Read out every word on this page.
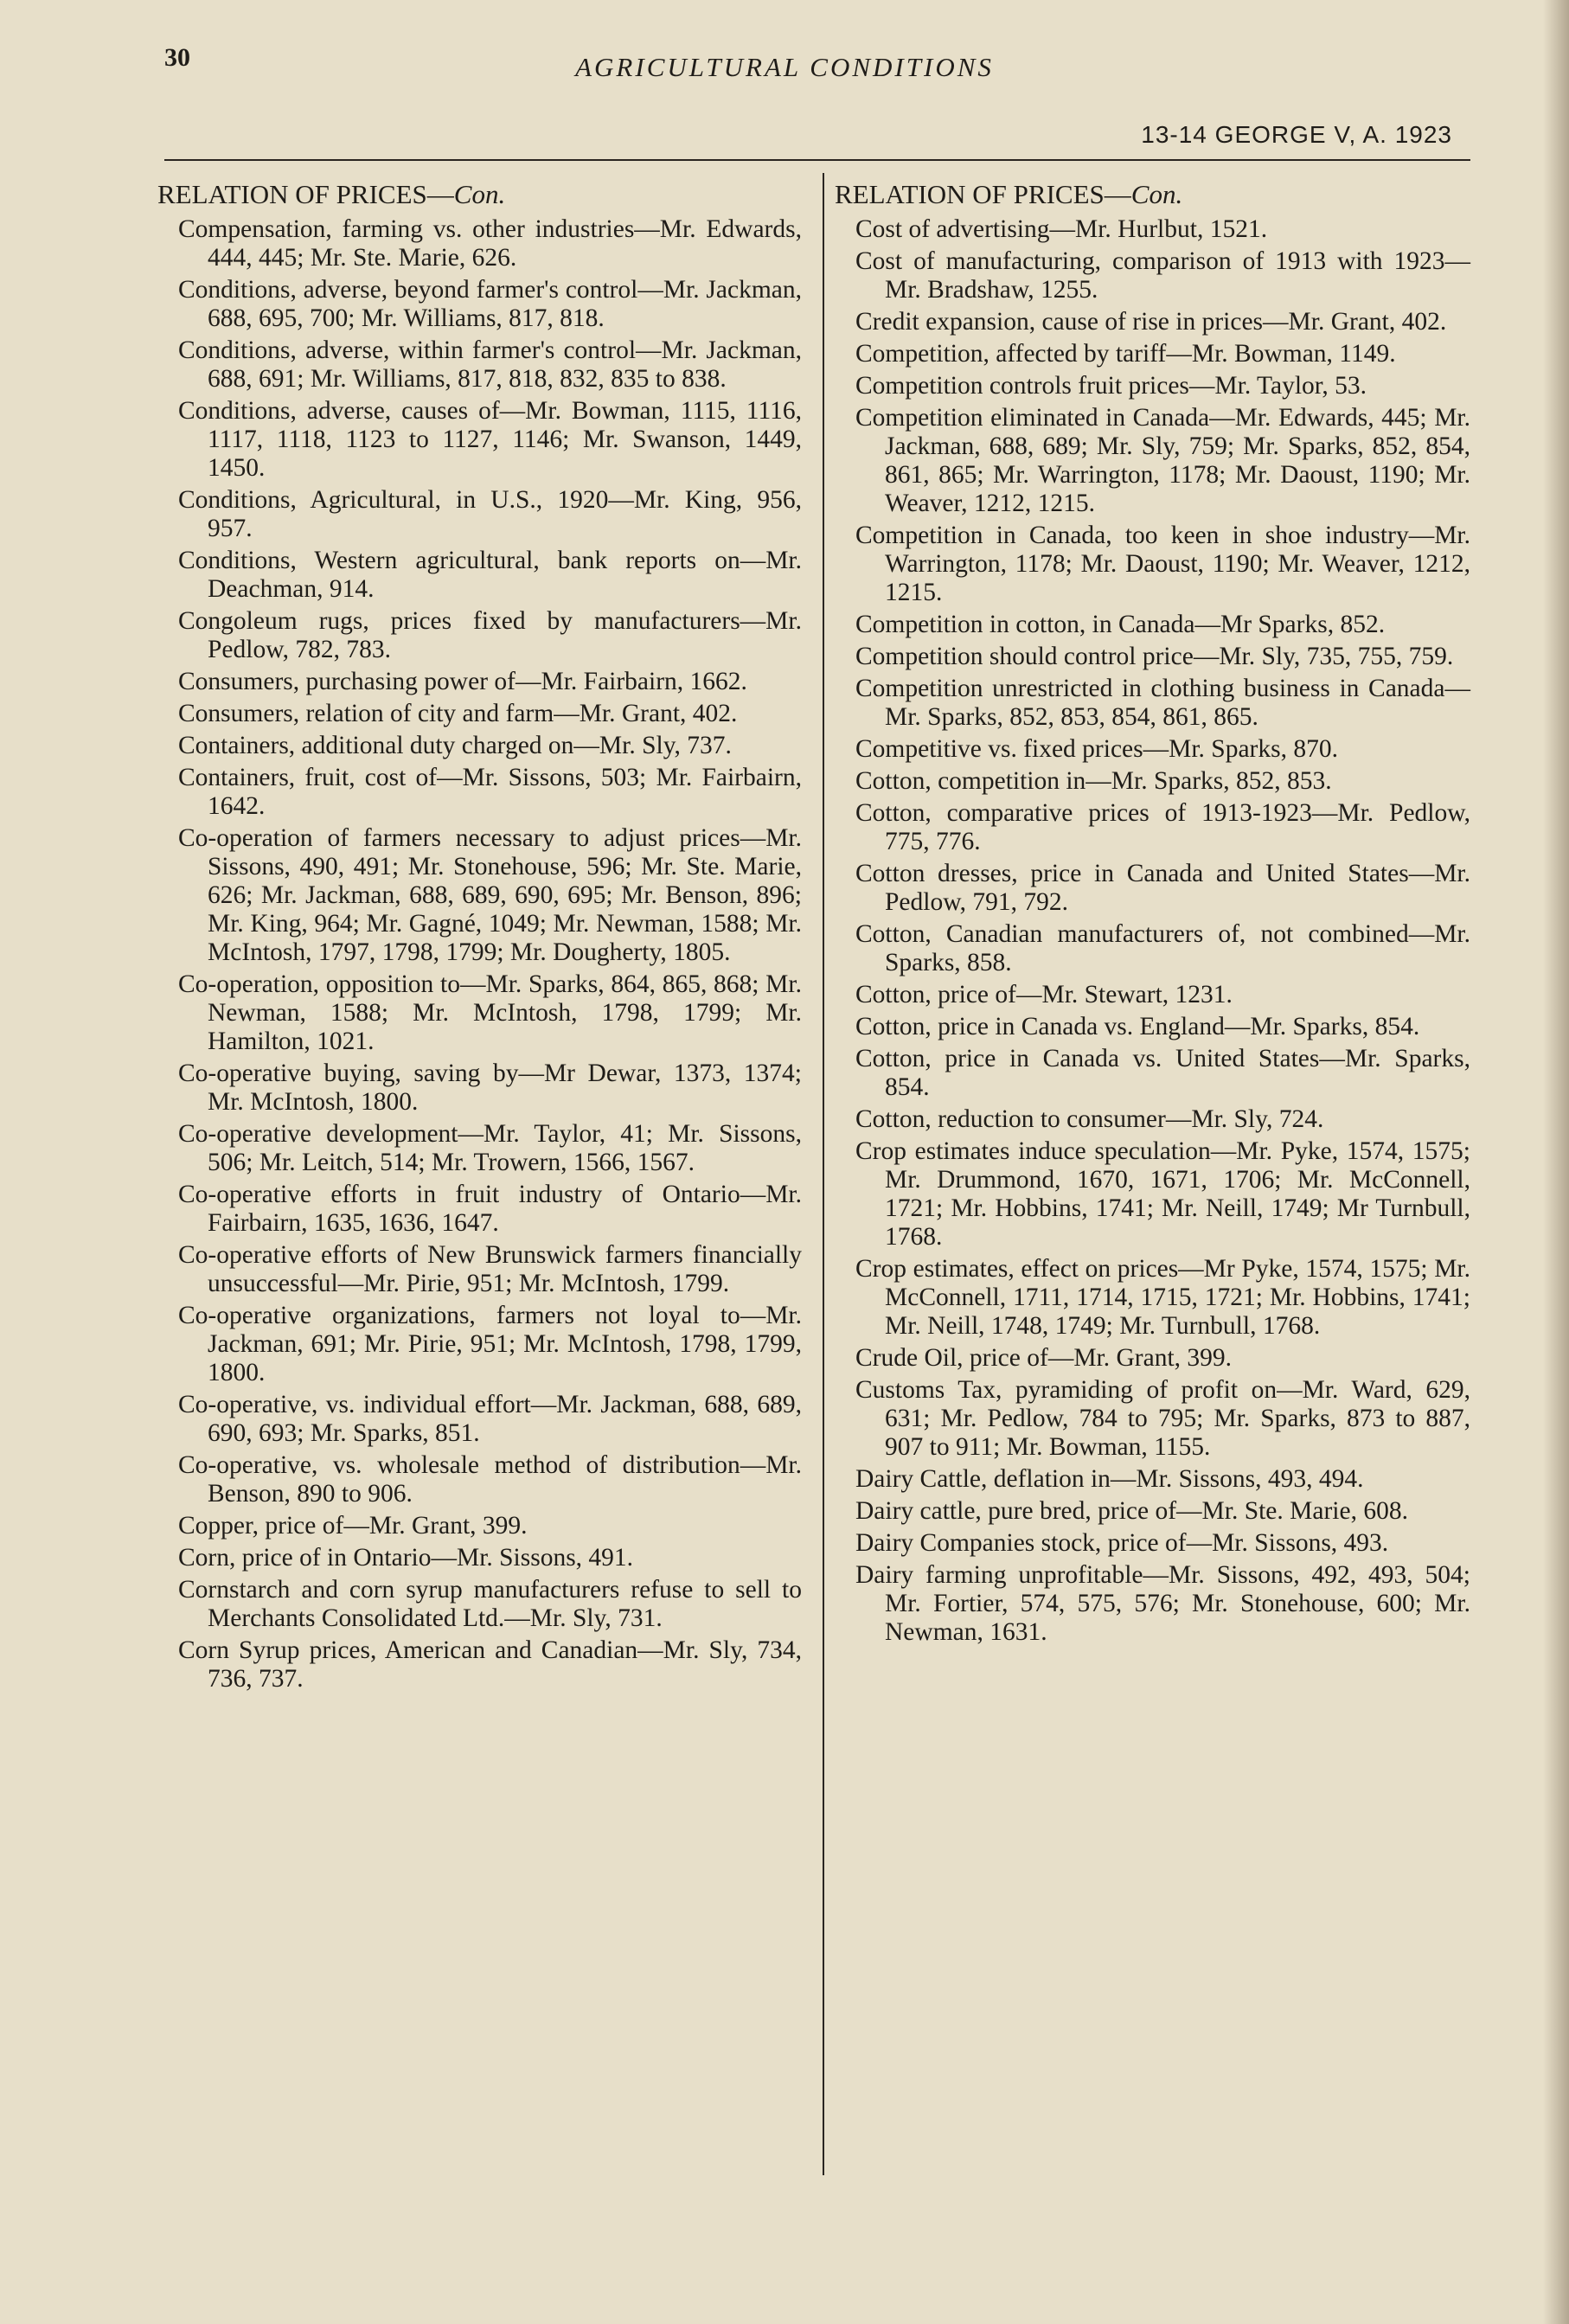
30	AGRICULTURAL CONDITIONS
13-14 GEORGE V, A. 1923
RELATION OF PRICES—Con.

Compensation, farming vs. other industries—Mr. Edwards, 444, 445; Mr. Ste. Marie, 626.

Conditions, adverse, beyond farmer's control—Mr. Jackman, 688, 695, 700; Mr. Williams, 817, 818.

Conditions, adverse, within farmer's control—Mr. Jackman, 688, 691; Mr. Williams, 817, 818, 832, 835 to 838.

Conditions, adverse, causes of—Mr. Bowman, 1115, 1116, 1117, 1118, 1123 to 1127, 1146; Mr. Swanson, 1449, 1450.

Conditions, Agricultural, in U.S., 1920—Mr. King, 956, 957.

Conditions, Western agricultural, bank reports on—Mr. Deachman, 914.

Congoleum rugs, prices fixed by manufacturers—Mr. Pedlow, 782, 783.

Consumers, purchasing power of—Mr. Fairbairn, 1662.

Consumers, relation of city and farm—Mr. Grant, 402.

Containers, additional duty charged on—Mr. Sly, 737.

Containers, fruit, cost of—Mr. Sissons, 503; Mr. Fairbairn, 1642.

Co-operation of farmers necessary to adjust prices—Mr. Sissons, 490, 491; Mr. Stonehouse, 596; Mr. Ste. Marie, 626; Mr. Jackman, 688, 689, 690, 695; Mr. Benson, 896; Mr. King, 964; Mr. Gagné, 1049; Mr. Newman, 1588; Mr. McIntosh, 1797, 1798, 1799; Mr. Dougherty, 1805.

Co-operation, opposition to—Mr. Sparks, 864, 865, 868; Mr. Newman, 1588; Mr. McIntosh, 1798, 1799; Mr. Hamilton, 1021.

Co-operative buying, saving by—Mr Dewar, 1373, 1374; Mr. McIntosh, 1800.

Co-operative development—Mr. Taylor, 41; Mr. Sissons, 506; Mr. Leitch, 514; Mr. Trowern, 1566, 1567.

Co-operative efforts in fruit industry of Ontario—Mr. Fairbairn, 1635, 1636, 1647.

Co-operative efforts of New Brunswick farmers financially unsuccessful—Mr. Pirie, 951; Mr. McIntosh, 1799.

Co-operative organizations, farmers not loyal to—Mr. Jackman, 691; Mr. Pirie, 951; Mr. McIntosh, 1798, 1799, 1800.

Co-operative, vs. individual effort—Mr. Jackman, 688, 689, 690, 693; Mr. Sparks, 851.

Co-operative, vs. wholesale method of distribution—Mr. Benson, 890 to 906.

Copper, price of—Mr. Grant, 399.

Corn, price of in Ontario—Mr. Sissons, 491.

Cornstarch and corn syrup manufacturers refuse to sell to Merchants Consolidated Ltd.—Mr. Sly, 731.

Corn Syrup prices, American and Canadian—Mr. Sly, 734, 736, 737.

RELATION OF PRICES—Con.

Cost of advertising—Mr. Hurlbut, 1521.

Cost of manufacturing, comparison of 1913 with 1923—Mr. Bradshaw, 1255.

Credit expansion, cause of rise in prices—Mr. Grant, 402.

Competition, affected by tariff—Mr. Bowman, 1149.

Competition controls fruit prices—Mr. Taylor, 53.

Competition eliminated in Canada—Mr. Edwards, 445; Mr. Jackman, 688, 689; Mr. Sly, 759; Mr. Sparks, 852, 854, 861, 865; Mr. Warrington, 1178; Mr. Daoust, 1190; Mr. Weaver, 1212, 1215.

Competition in Canada, too keen in shoe industry—Mr. Warrington, 1178; Mr. Daoust, 1190; Mr. Weaver, 1212, 1215.

Competition in cotton, in Canada—Mr Sparks, 852.

Competition should control price—Mr. Sly, 735, 755, 759.

Competition unrestricted in clothing business in Canada—Mr. Sparks, 852, 853, 854, 861, 865.

Competitive vs. fixed prices—Mr. Sparks, 870.

Cotton, competition in—Mr. Sparks, 852, 853.

Cotton, comparative prices of 1913-1923—Mr. Pedlow, 775, 776.

Cotton dresses, price in Canada and United States—Mr. Pedlow, 791, 792.

Cotton, Canadian manufacturers of, not combined—Mr. Sparks, 858.

Cotton, price of—Mr. Stewart, 1231.

Cotton, price in Canada vs. England—Mr. Sparks, 854.

Cotton, price in Canada vs. United States—Mr. Sparks, 854.

Cotton, reduction to consumer—Mr. Sly, 724.

Crop estimates induce speculation—Mr. Pyke, 1574, 1575; Mr. Drummond, 1670, 1671, 1706; Mr. McConnell, 1721; Mr. Hobbins, 1741; Mr. Neill, 1749; Mr Turnbull, 1768.

Crop estimates, effect on prices—Mr Pyke, 1574, 1575; Mr. McConnell, 1711, 1714, 1715, 1721; Mr. Hobbins, 1741; Mr. Neill, 1748, 1749; Mr. Turnbull, 1768.

Crude Oil, price of—Mr. Grant, 399.

Customs Tax, pyramiding of profit on—Mr. Ward, 629, 631; Mr. Pedlow, 784 to 795; Mr. Sparks, 873 to 887, 907 to 911; Mr. Bowman, 1155.

Dairy Cattle, deflation in—Mr. Sissons, 493, 494.

Dairy cattle, pure bred, price of—Mr. Ste. Marie, 608.

Dairy Companies stock, price of—Mr. Sissons, 493.

Dairy farming unprofitable—Mr. Sissons, 492, 493, 504; Mr. Fortier, 574, 575, 576; Mr. Stonehouse, 600; Mr. Newman, 1631.
